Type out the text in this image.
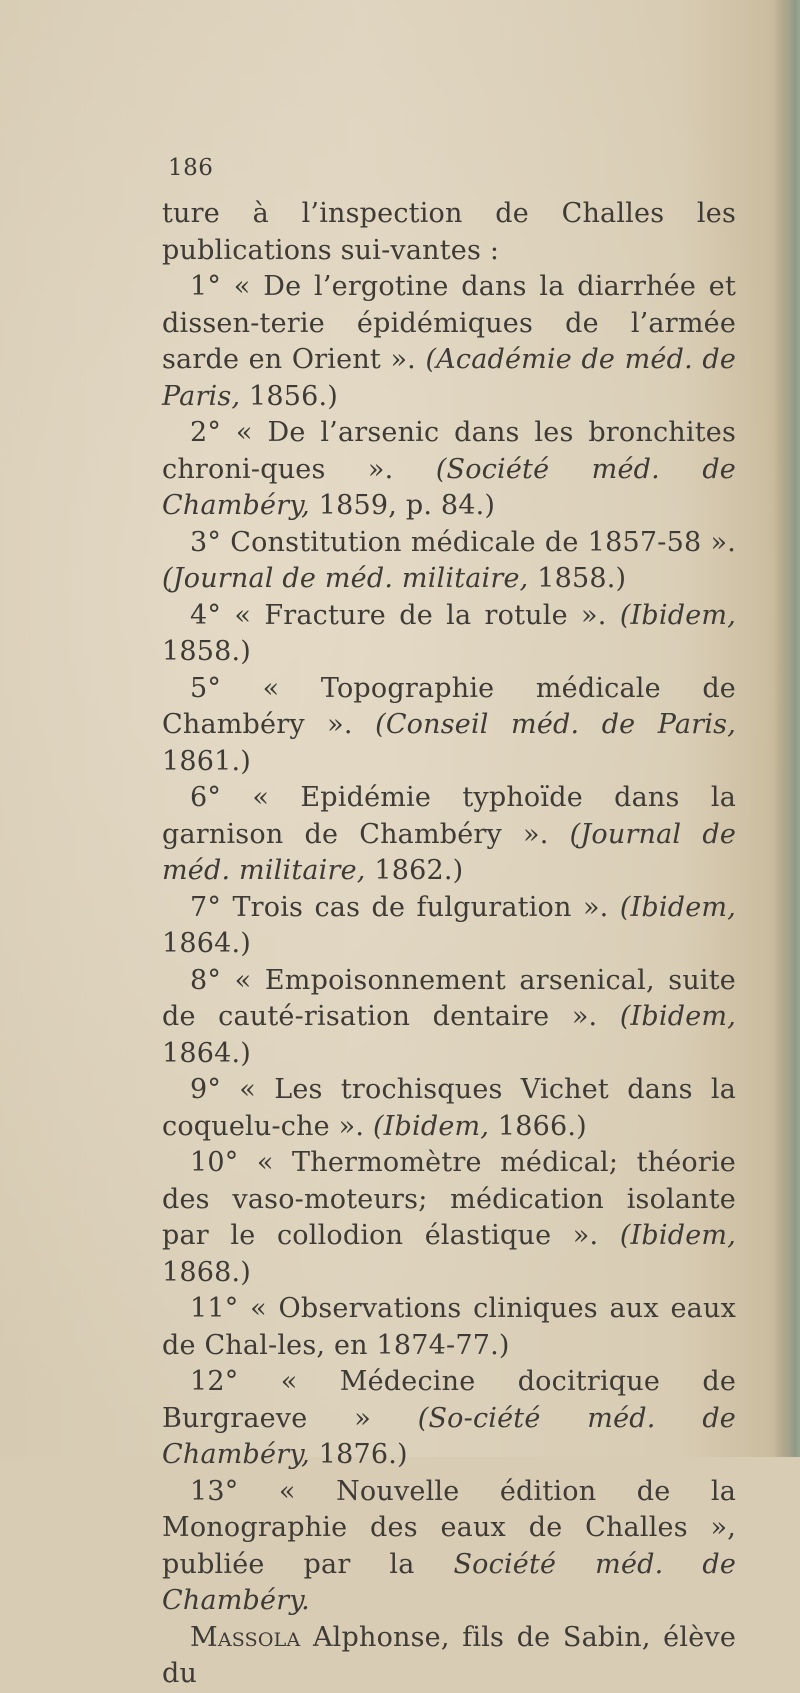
186

ture à l’inspection de Challes les publications sui-vantes :

1° « De l’ergotine dans la diarrhée et dissen-terie épidémiques de l’armée sarde en Orient ». (Académie de méd. de Paris, 1856.)

2° « De l’arsenic dans les bronchites chroni-ques ». (Société méd. de Chambéry, 1859, p. 84.)

3° Constitution médicale de 1857-58 ». (Journal de méd. militaire, 1858.)

4° « Fracture de la rotule ». (Ibidem, 1858.)

5° « Topographie médicale de Chambéry ». (Conseil méd. de Paris, 1861.)

6° « Epidémie typhoïde dans la garnison de Chambéry ». (Journal de méd. militaire, 1862.)

7° Trois cas de fulguration ». (Ibidem, 1864.)

8° « Empoisonnement arsenical, suite de cauté-risation dentaire ». (Ibidem, 1864.)

9° « Les trochisques Vichet dans la coquelu-che ». (Ibidem, 1866.)

10° « Thermomètre médical; théorie des vaso-moteurs; médication isolante par le collodion élastique ». (Ibidem, 1868.)

11° « Observations cliniques aux eaux de Chal-les, en 1874-77.)

12° « Médecine docitrique de Burgraeve » (So-ciété méd. de Chambéry, 1876.)

13° « Nouvelle édition de la Monographie des eaux de Challes », publiée par la Société méd. de Chambéry.

Massola Alphonse, fils de Sabin, élève du
